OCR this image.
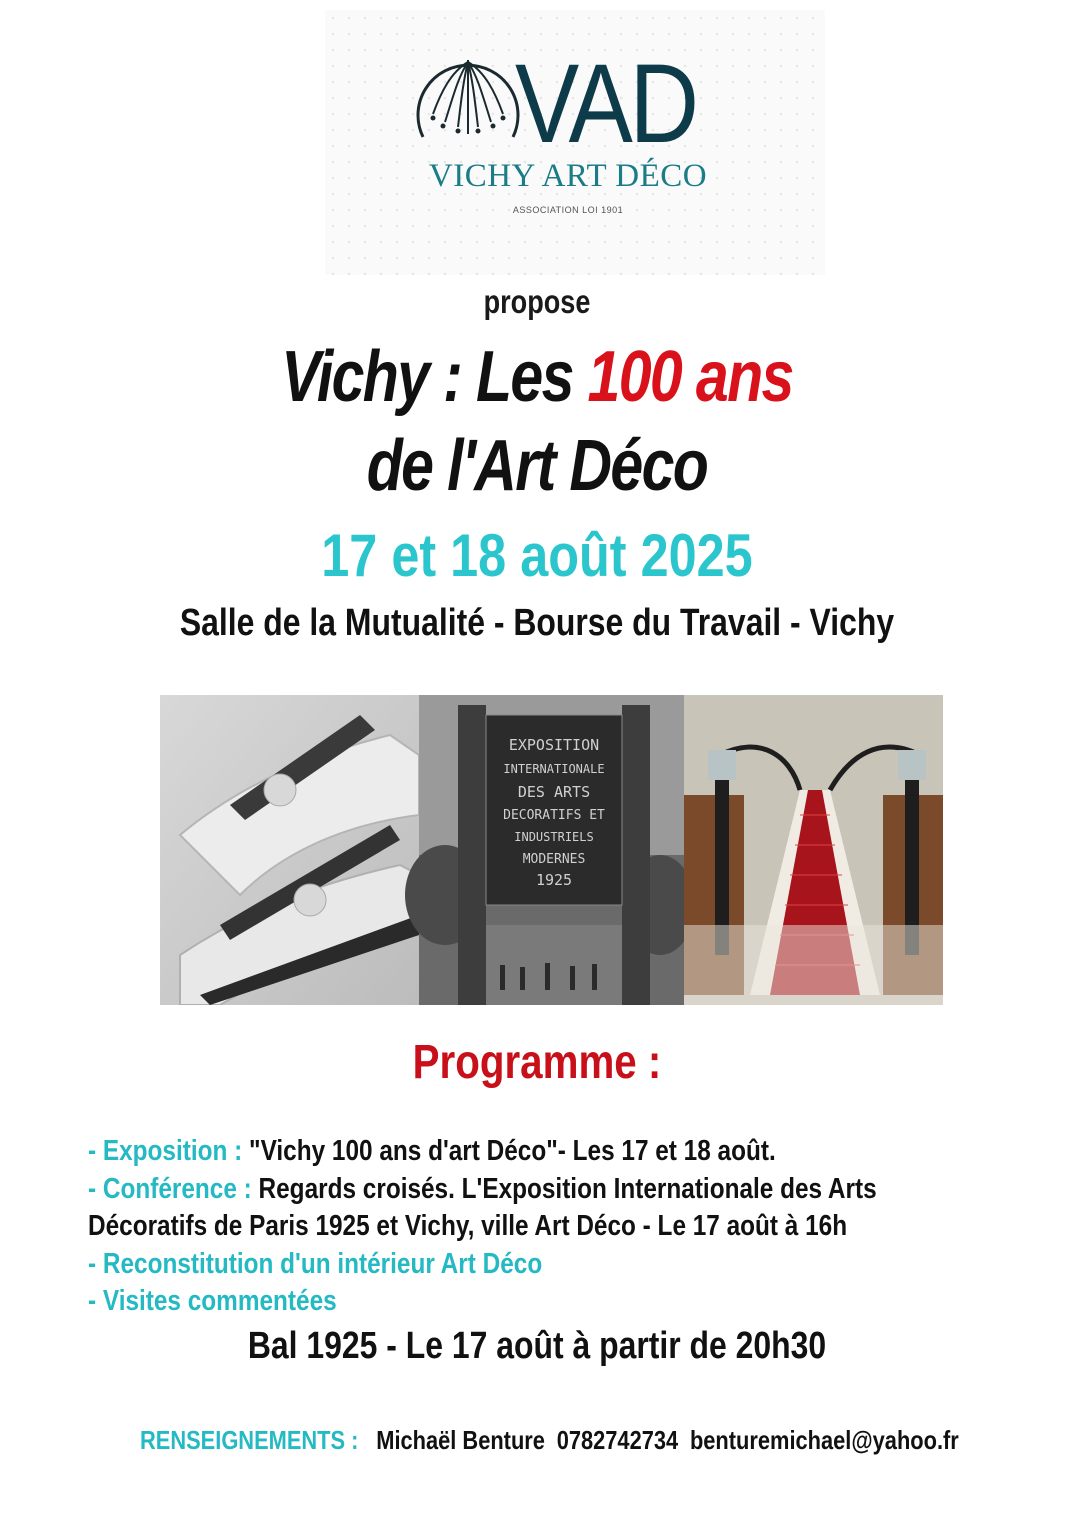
VAD
VICHY ART DÉCO
ASSOCIATION LOI 1901
propose
Vichy : Les 100 ans
de l'Art Déco
17 et 18 août 2025
Salle de la Mutualité - Bourse du Travail - Vichy
EXPOSITION
INTERNATIONALE
DES ARTS
DECORATIFS ET
INDUSTRIELS
MODERNES
1925
Programme :
- Exposition : "Vichy 100 ans d'art Déco"- Les 17 et 18 août.
- Conférence : Regards croisés. L'Exposition Internationale des Arts
Décoratifs de Paris 1925 et Vichy, ville Art Déco - Le 17 août à 16h
- Reconstitution d'un intérieur Art Déco
- Visites commentées
Bal 1925 - Le 17 août à partir de 20h30
RENSEIGNEMENTS : Michaël Benture 0782742734 benturemichael@yahoo.fr
